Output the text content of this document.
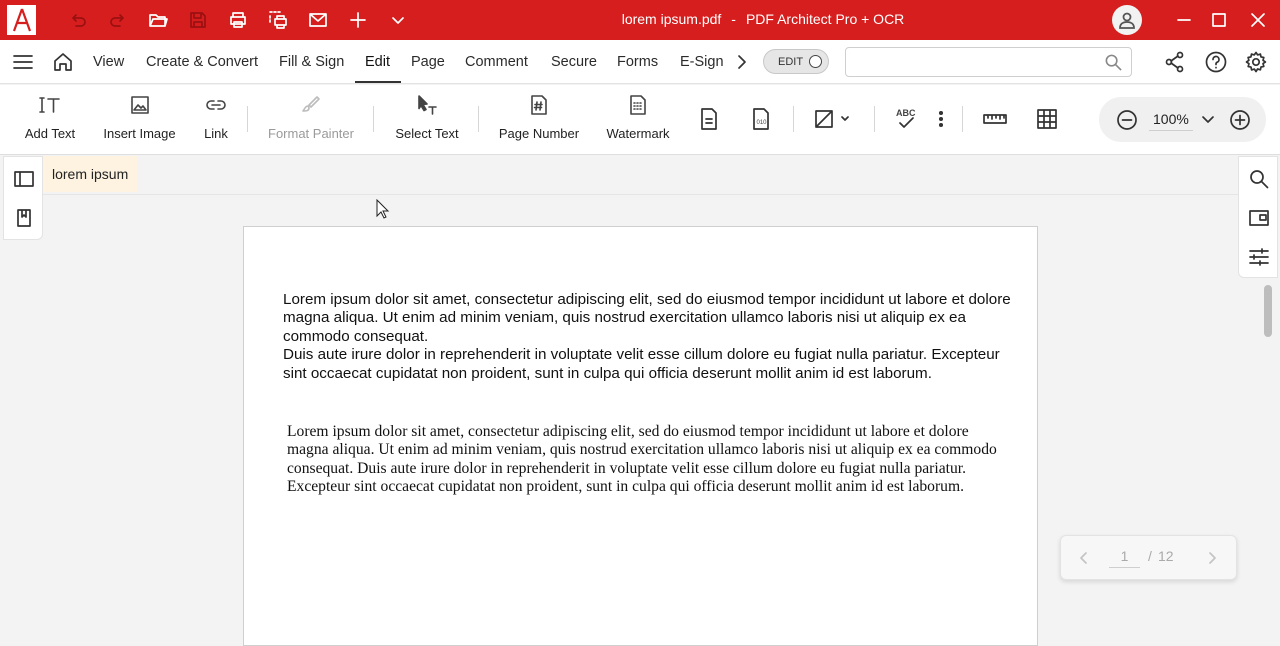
lorem ipsum.pdf - PDF Architect Pro + OCR
View Create & Convert Fill & Sign Edit Page Comment Secure Forms E-Sign	EDIT
Add Text Insert Image Link	Format Painter	Select Text	Page Number Watermark
010
ABC	100%
lorem ipsum
Lorem ipsum dolor sit amet, consectetur adipiscing elit, sed do eiusmod tempor incididunt ut labore et dolore magna aliqua. Ut enim ad minim veniam, quis nostrud exercitation ullamco laboris nisi ut aliquip ex ea commodo consequat.
Duis aute irure dolor in reprehenderit in voluptate velit esse cillum dolore eu fugiat nulla pariatur. Excepteur sint occaecat cupidatat non proident, sunt in culpa qui officia deserunt mollit anim id est laborum.
Lorem ipsum dolor sit amet, consectetur adipiscing elit, sed do eiusmod tempor incididunt ut labore et dolore magna aliqua. Ut enim ad minim veniam, quis nostrud exercitation ullamco laboris nisi ut aliquip ex ea commodo consequat. Duis aute irure dolor in reprehenderit in voluptate velit esse cillum dolore eu fugiat nulla pariatur. Excepteur sint occaecat cupidatat non proident, sunt in culpa qui officia deserunt mollit anim id est laborum.
1	/ 12
